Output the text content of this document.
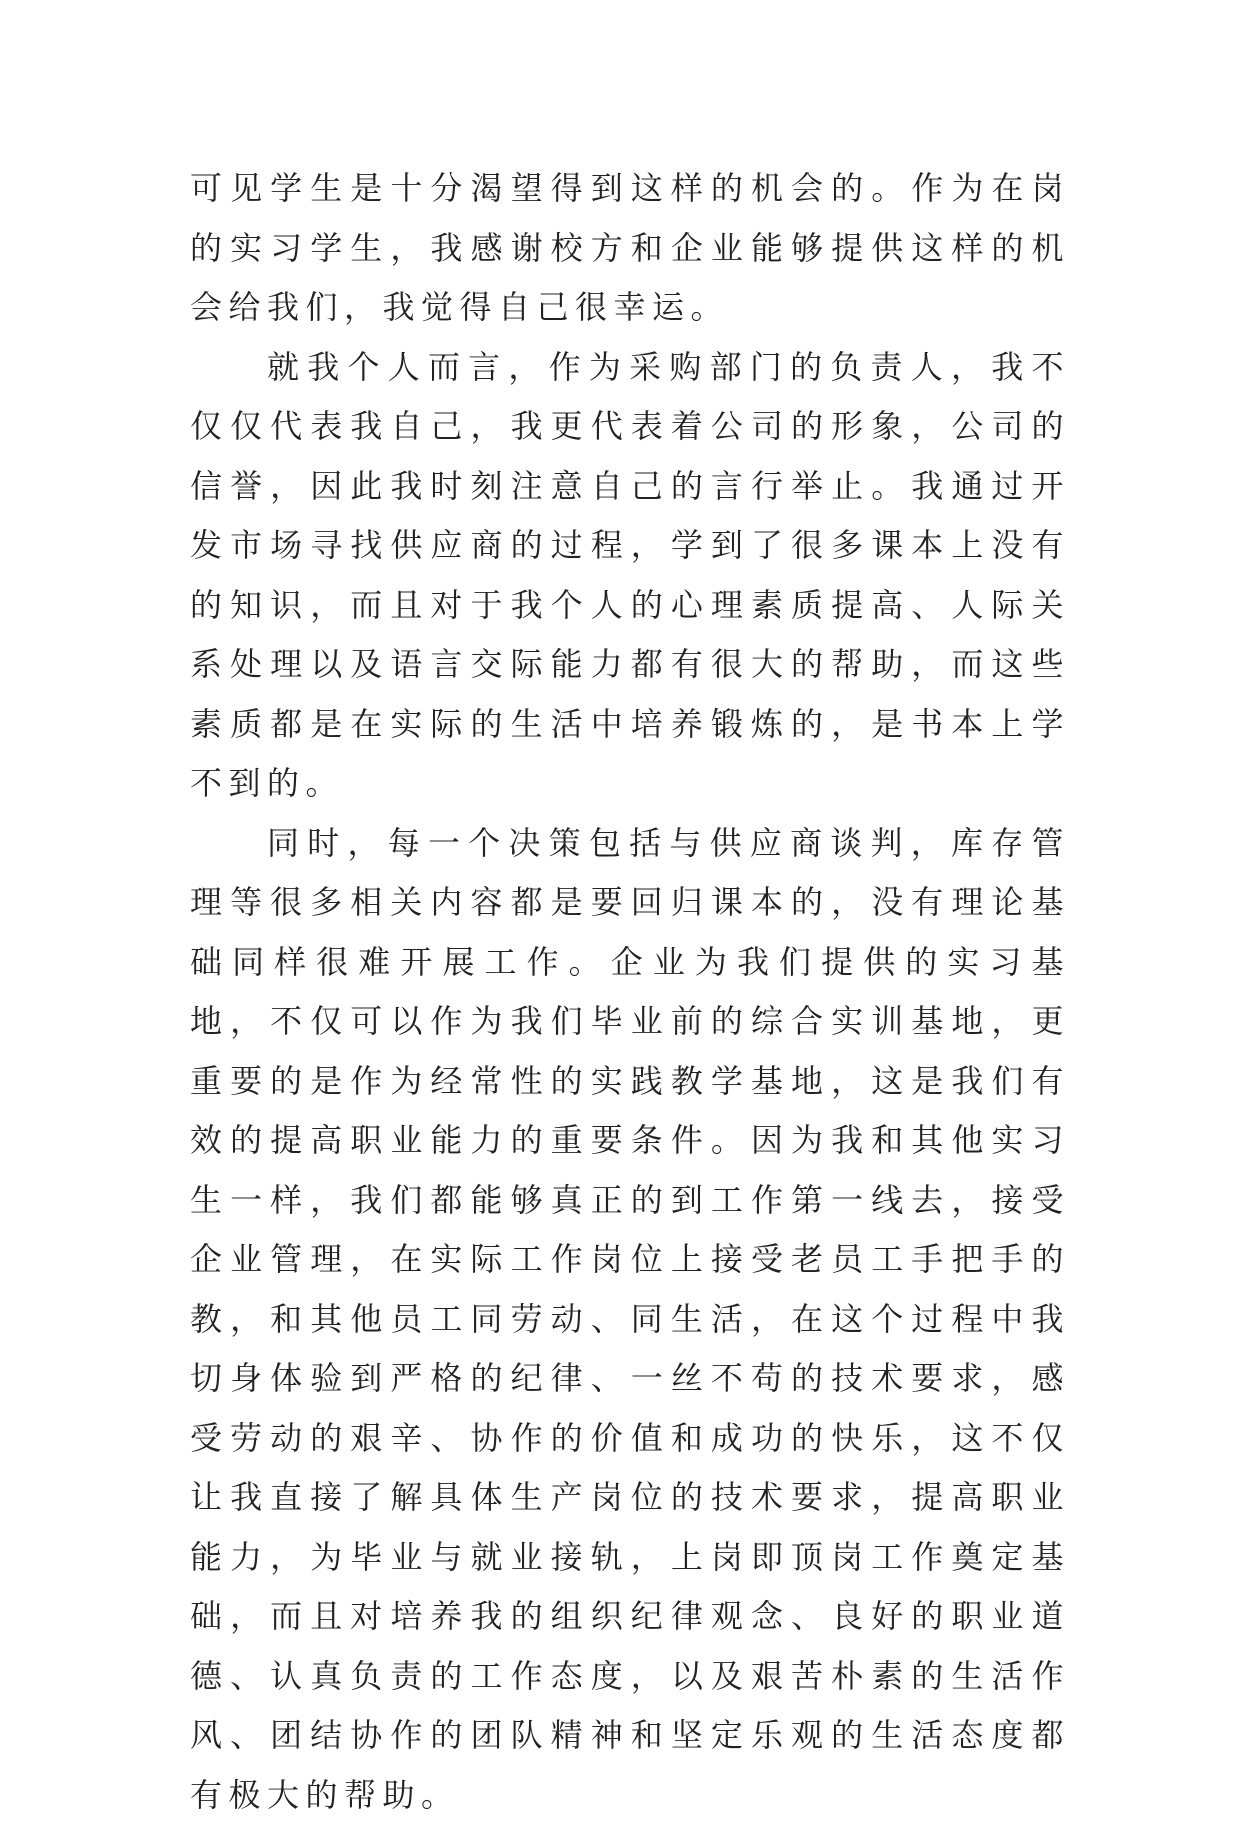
可见学生是十分渴望得到这样的机会的。作为在岗的实习学生，我感谢校方和企业能够提供这样的机会给我们，我觉得自己很幸运。

就我个人而言，作为采购部门的负责人，我不仅仅代表我自己，我更代表着公司的形象，公司的信誉，因此我时刻注意自己的言行举止。我通过开发市场寻找供应商的过程，学到了很多课本上没有的知识，而且对于我个人的心理素质提高、人际关系处理以及语言交际能力都有很大的帮助，而这些素质都是在实际的生活中培养锻炼的，是书本上学不到的。

同时，每一个决策包括与供应商谈判，库存管理等很多相关内容都是要回归课本的，没有理论基础同样很难开展工作。企业为我们提供的实习基地，不仅可以作为我们毕业前的综合实训基地，更重要的是作为经常性的实践教学基地，这是我们有效的提高职业能力的重要条件。因为我和其他实习生一样，我们都能够真正的到工作第一线去，接受企业管理，在实际工作岗位上接受老员工手把手的教，和其他员工同劳动、同生活，在这个过程中我切身体验到严格的纪律、一丝不苟的技术要求，感受劳动的艰辛、协作的价值和成功的快乐，这不仅让我直接了解具体生产岗位的技术要求，提高职业能力，为毕业与就业接轨，上岗即顶岗工作奠定基础，而且对培养我的组织纪律观念、良好的职业道德、认真负责的工作态度，以及艰苦朴素的生活作风、团结协作的团队精神和坚定乐观的生活态度都有极大的帮助。
